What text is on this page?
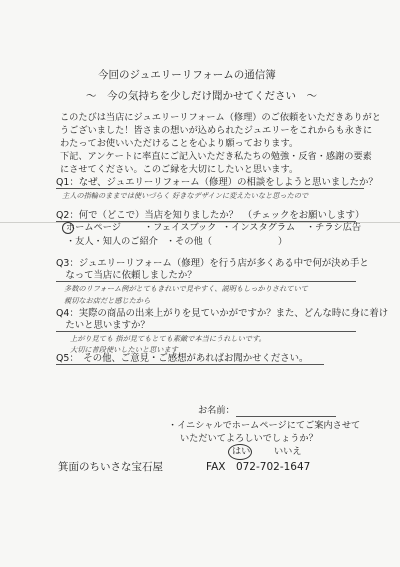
今回のジュエリーリフォームの通信簿
〜　今の気持ちを少しだけ聞かせてください　〜
このたびは当店にジュエリーリフォーム（修理）のご依頼をいただきありがと
うございました！皆さまの想いが込められたジュエリーをこれからも永きに
わたってお使いいただけることを心より願っております。
下記、アンケートに率直にご記入いただき私たちの勉強・反省・感謝の要素
にさせてください。このご縁を大切にしたいと思います。
Q1：なぜ、ジュエリーリフォーム（修理）の相談をしようと思いましたか？
主人の指輪のままでは使いづらく 好きなデザインに変えたいなと思ったので
Q2：何で（どこで）当店を知りましたか？　（チェックをお願いします）
ホームページ	・フェイスブック ・インスタグラム ・チラシ広告
・友人・知人のご紹介 ・その他（	）
Q3：ジュエリーリフォーム（修理）を行う店が多くある中で何が決め手と
　なって当店に依頼しましたか？
多数のリフォーム例がとてもきれいで見やすく、説明もしっかりされていて
親切なお店だと感じたから
Q4：実際の商品の出来上がりを見ていかがですか？また、どんな時に身に着け
　たいと思いますか？
上がり見ても 指が見てもとても素敵で本当にうれしいです。
大切に普段使いしたいと思います
Q5：　その他、ご意見・ご感想があればお聞かせください。
お名前：
・イニシャルでホームページにてご案内させて
いただいてよろしいでしょうか？
はい	いいえ
箕面のちいさな宝石屋	FAX　072-702-1647
